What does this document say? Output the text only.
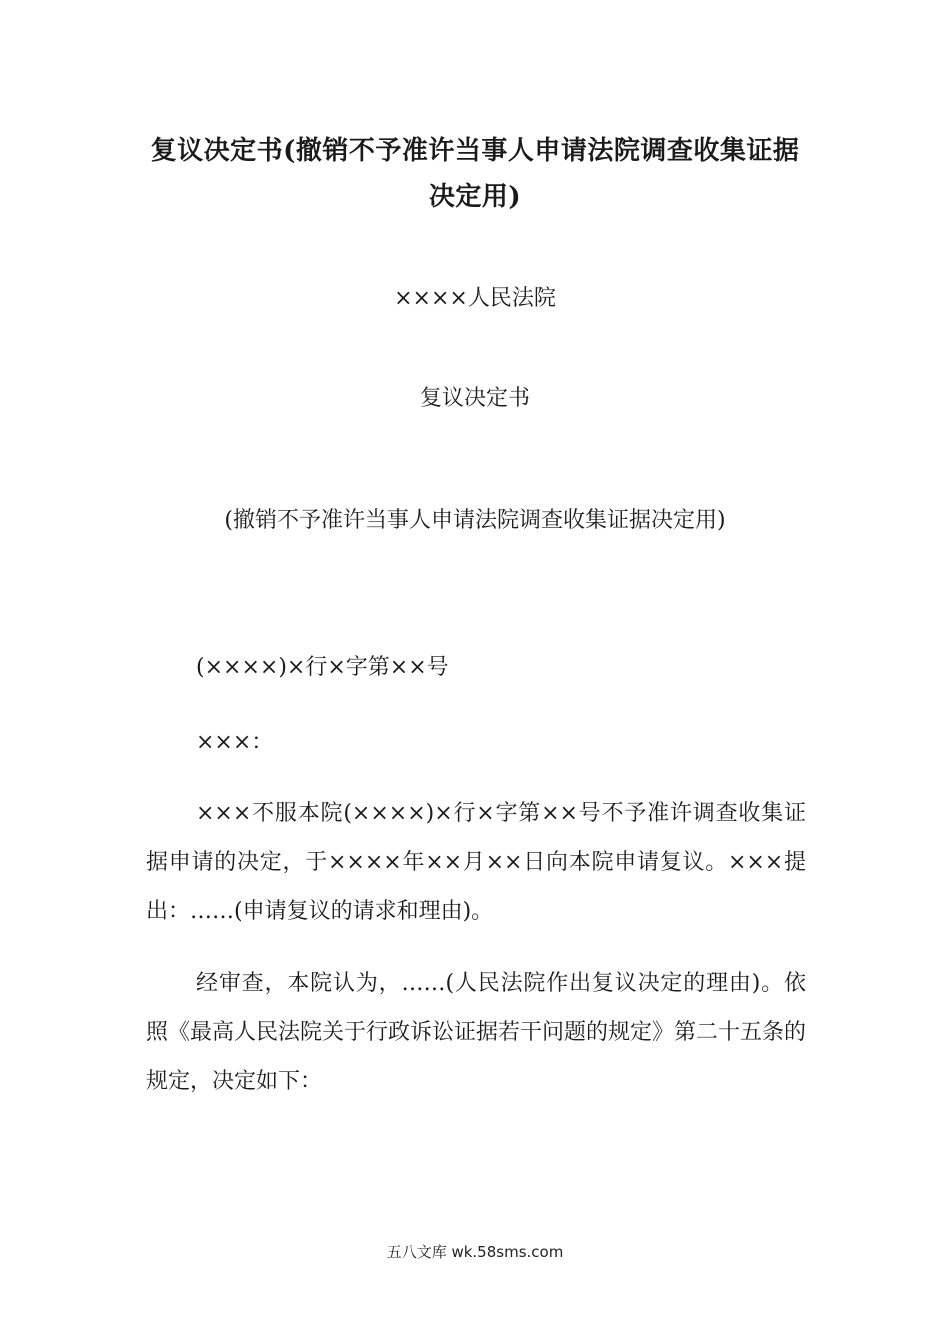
复议决定书(撤销不予准许当事人申请法院调查收集证据决定用)
××××人民法院
复议决定书
(撤销不予准许当事人申请法院调查收集证据决定用)
(××××)×行×字第××号
×××：
×××不服本院(××××)×行×字第××号不予准许调查收集证据申请的决定，于××××年××月××日向本院申请复议。×××提出：……(申请复议的请求和理由)。
经审查，本院认为，……(人民法院作出复议决定的理由)。依照《最高人民法院关于行政诉讼证据若干问题的规定》第二十五条的规定，决定如下：
五八文库 wk.58sms.com
